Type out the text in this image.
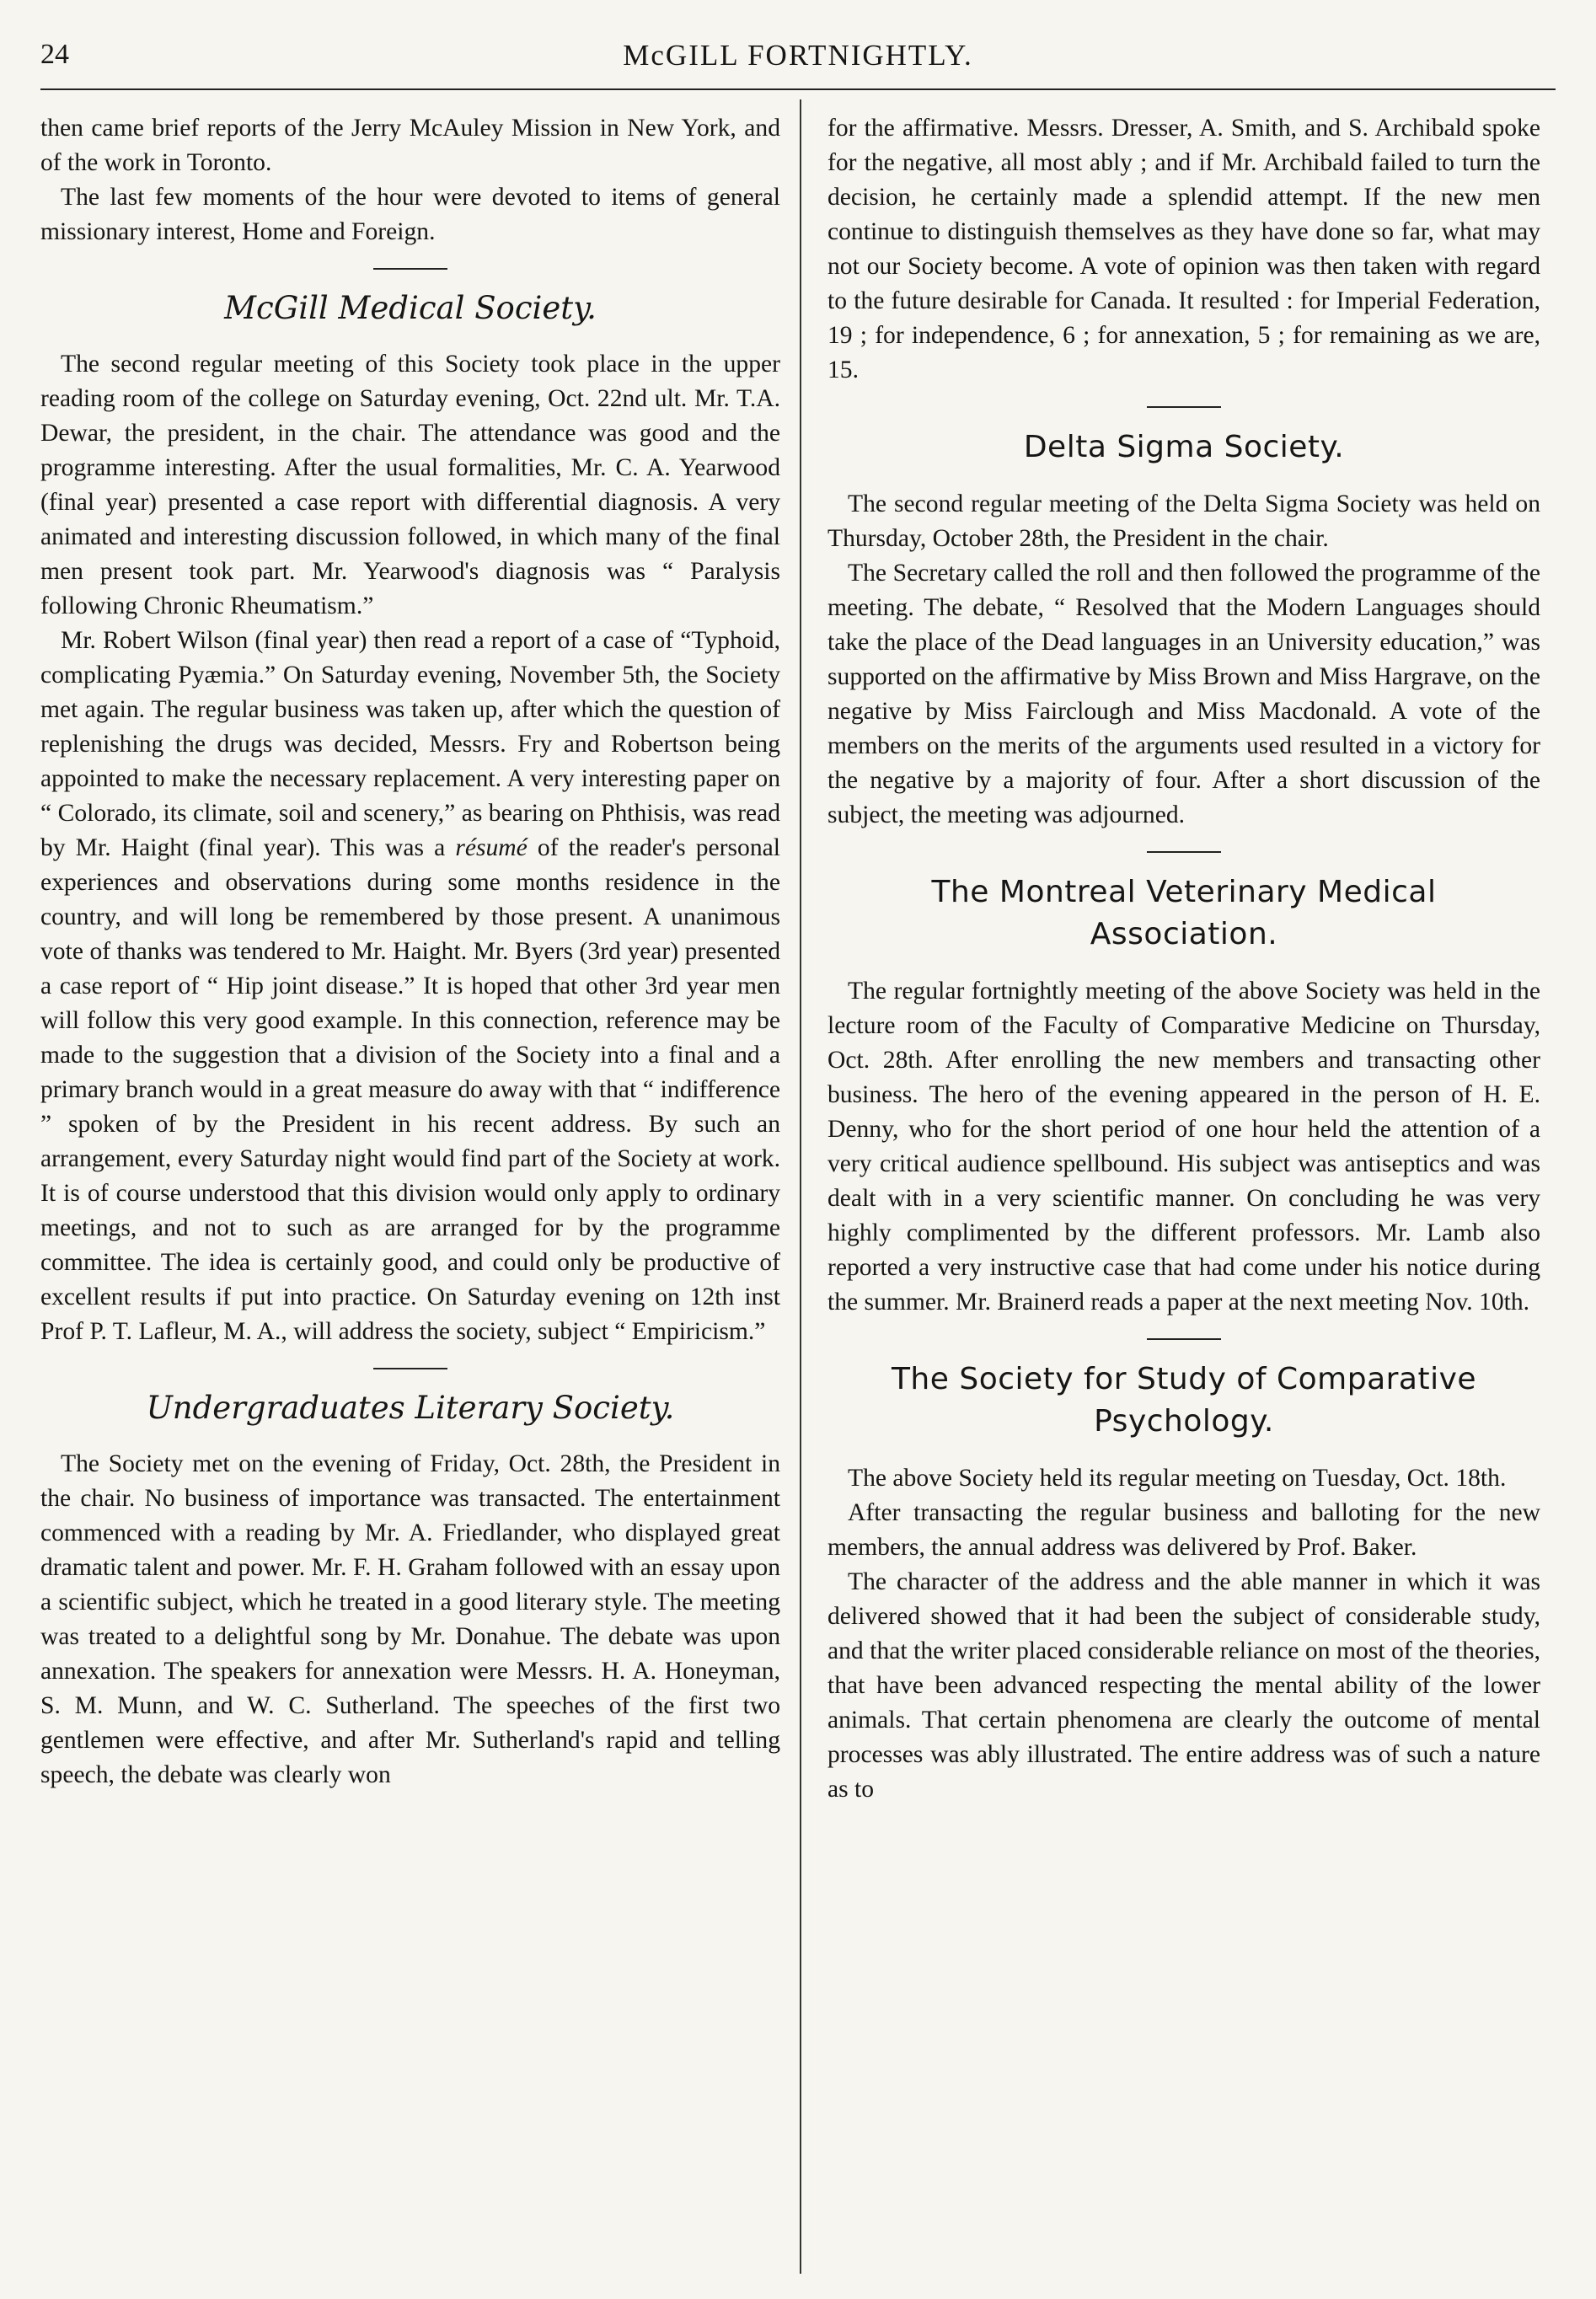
24	McGILL FORTNIGHTLY.

then came brief reports of the Jerry McAuley Mission in New York, and of the work in Toronto.

The last few moments of the hour were devoted to items of general missionary interest, Home and Foreign.

McGill Medical Society.

The second regular meeting of this Society took place in the upper reading room of the college on Saturday evening, Oct. 22nd ult. Mr. T.A. Dewar, the president, in the chair. The attendance was good and the programme interesting. After the usual formalities, Mr. C. A. Yearwood (final year) presented a case report with differential diagnosis. A very animated and interesting discussion followed, in which many of the final men present took part. Mr. Yearwood's diagnosis was “ Paralysis following Chronic Rheumatism.”

Mr. Robert Wilson (final year) then read a report of a case of “Typhoid, complicating Pyæmia.” On Saturday evening, November 5th, the Society met again. The regular business was taken up, after which the question of replenishing the drugs was decided, Messrs. Fry and Robertson being appointed to make the necessary replacement. A very interesting paper on “ Colorado, its climate, soil and scenery,” as bearing on Phthisis, was read by Mr. Haight (final year). This was a résumé of the reader's personal experiences and observations during some months residence in the country, and will long be remembered by those present. A unanimous vote of thanks was tendered to Mr. Haight. Mr. Byers (3rd year) presented a case report of “ Hip joint disease.” It is hoped that other 3rd year men will follow this very good example. In this connection, reference may be made to the suggestion that a division of the Society into a final and a primary branch would in a great measure do away with that “ indifference ” spoken of by the President in his recent address. By such an arrangement, every Saturday night would find part of the Society at work. It is of course understood that this division would only apply to ordinary meetings, and not to such as are arranged for by the programme committee. The idea is certainly good, and could only be productive of excellent results if put into practice. On Saturday evening on 12th inst Prof P. T. Lafleur, M. A., will address the society, subject “ Empiricism.”

Undergraduates Literary Society.

The Society met on the evening of Friday, Oct. 28th, the President in the chair. No business of importance was transacted. The entertainment commenced with a reading by Mr. A. Friedlander, who displayed great dramatic talent and power. Mr. F. H. Graham followed with an essay upon a scientific subject, which he treated in a good literary style. The meeting was treated to a delightful song by Mr. Donahue. The debate was upon annexation. The speakers for annexation were Messrs. H. A. Honeyman, S. M. Munn, and W. C. Sutherland. The speeches of the first two gentlemen were effective, and after Mr. Sutherland's rapid and telling speech, the debate was clearly won

for the affirmative. Messrs. Dresser, A. Smith, and S. Archibald spoke for the negative, all most ably ; and if Mr. Archibald failed to turn the decision, he certainly made a splendid attempt. If the new men continue to distinguish themselves as they have done so far, what may not our Society become. A vote of opinion was then taken with regard to the future desirable for Canada. It resulted : for Imperial Federation, 19 ; for independence, 6 ; for annexation, 5 ; for remaining as we are, 15.

Delta Sigma Society.

The second regular meeting of the Delta Sigma Society was held on Thursday, October 28th, the President in the chair.

The Secretary called the roll and then followed the programme of the meeting. The debate, “ Resolved that the Modern Languages should take the place of the Dead languages in an University education,” was supported on the affirmative by Miss Brown and Miss Hargrave, on the negative by Miss Fairclough and Miss Macdonald. A vote of the members on the merits of the arguments used resulted in a victory for the negative by a majority of four. After a short discussion of the subject, the meeting was adjourned.

The Montreal Veterinary Medical
Association.

The regular fortnightly meeting of the above Society was held in the lecture room of the Faculty of Comparative Medicine on Thursday, Oct. 28th. After enrolling the new members and transacting other business. The hero of the evening appeared in the person of H. E. Denny, who for the short period of one hour held the attention of a very critical audience spellbound. His subject was antiseptics and was dealt with in a very scientific manner. On concluding he was very highly complimented by the different professors. Mr. Lamb also reported a very instructive case that had come under his notice during the summer. Mr. Brainerd reads a paper at the next meeting Nov. 10th.

The Society for Study of Comparative
Psychology.

The above Society held its regular meeting on Tuesday, Oct. 18th.

After transacting the regular business and balloting for the new members, the annual address was delivered by Prof. Baker.

The character of the address and the able manner in which it was delivered showed that it had been the subject of considerable study, and that the writer placed considerable reliance on most of the theories, that have been advanced respecting the mental ability of the lower animals. That certain phenomena are clearly the outcome of mental processes was ably illustrated. The entire address was of such a nature as to
